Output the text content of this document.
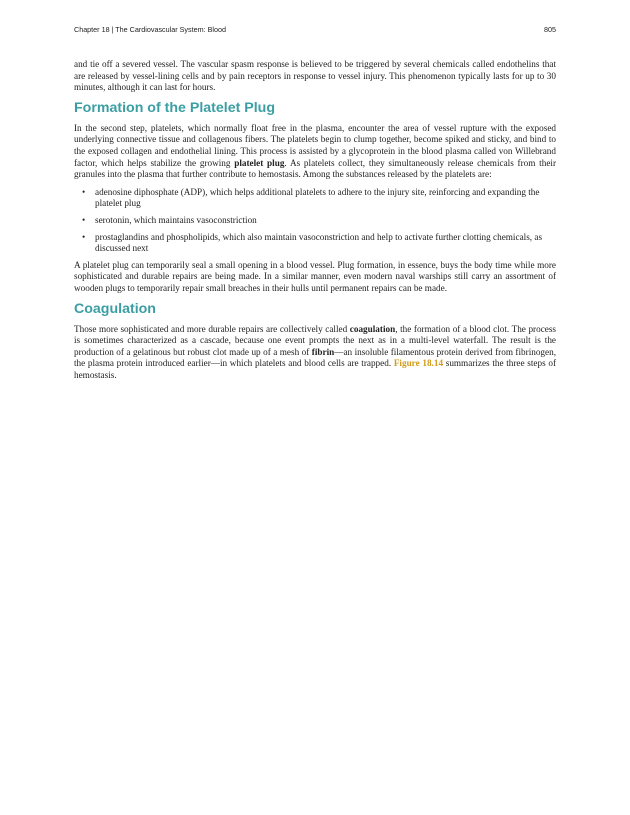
Chapter 18 | The Cardiovascular System: Blood	805

and tie off a severed vessel. The vascular spasm response is believed to be triggered by several chemicals called endothelins that are released by vessel-lining cells and by pain receptors in response to vessel injury. This phenomenon typically lasts for up to 30 minutes, although it can last for hours.

Formation of the Platelet Plug

In the second step, platelets, which normally float free in the plasma, encounter the area of vessel rupture with the exposed underlying connective tissue and collagenous fibers. The platelets begin to clump together, become spiked and sticky, and bind to the exposed collagen and endothelial lining. This process is assisted by a glycoprotein in the blood plasma called von Willebrand factor, which helps stabilize the growing platelet plug. As platelets collect, they simultaneously release chemicals from their granules into the plasma that further contribute to hemostasis. Among the substances released by the platelets are:

• adenosine diphosphate (ADP), which helps additional platelets to adhere to the injury site, reinforcing and expanding the platelet plug
• serotonin, which maintains vasoconstriction
• prostaglandins and phospholipids, which also maintain vasoconstriction and help to activate further clotting chemicals, as discussed next

A platelet plug can temporarily seal a small opening in a blood vessel. Plug formation, in essence, buys the body time while more sophisticated and durable repairs are being made. In a similar manner, even modern naval warships still carry an assortment of wooden plugs to temporarily repair small breaches in their hulls until permanent repairs can be made.

Coagulation

Those more sophisticated and more durable repairs are collectively called coagulation, the formation of a blood clot. The process is sometimes characterized as a cascade, because one event prompts the next as in a multi-level waterfall. The result is the production of a gelatinous but robust clot made up of a mesh of fibrin—an insoluble filamentous protein derived from fibrinogen, the plasma protein introduced earlier—in which platelets and blood cells are trapped. Figure 18.14 summarizes the three steps of hemostasis.
